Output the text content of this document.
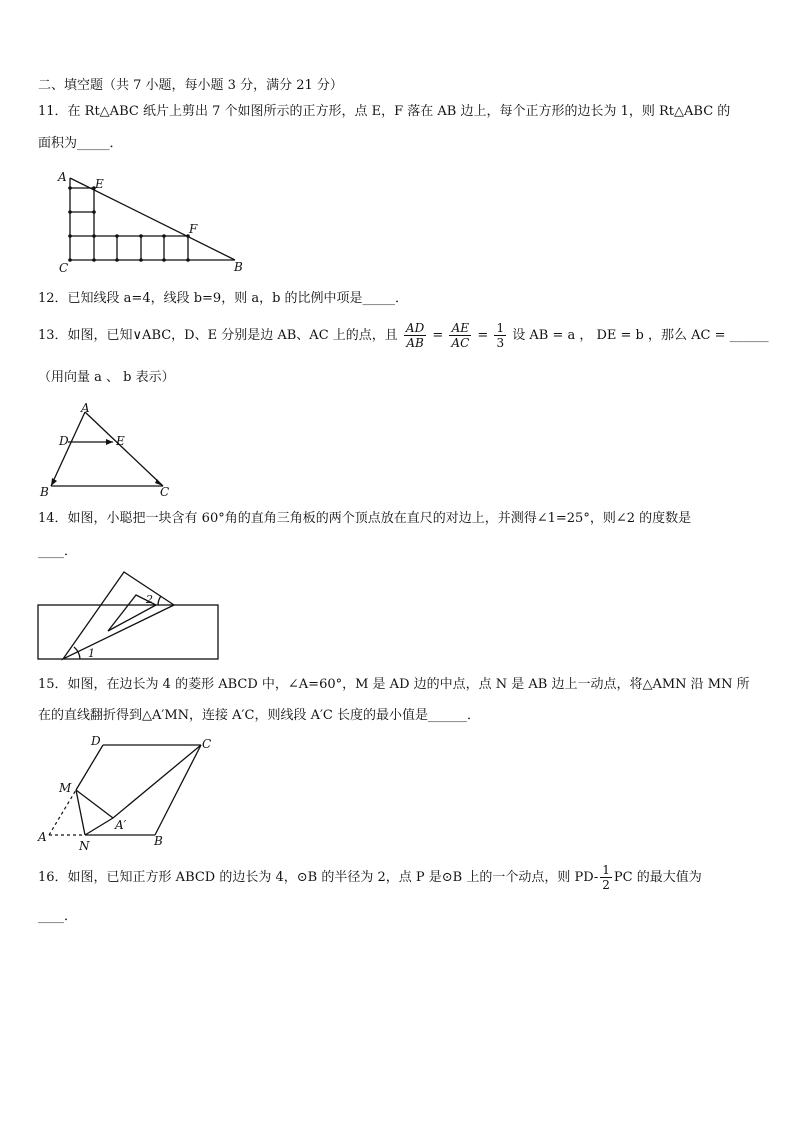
二、填空题（共 7 小题，每小题 3 分，满分 21 分）
11．在 Rt△ABC 纸片上剪出 7 个如图所示的正方形，点 E，F 落在 AB 边上，每个正方形的边长为 1，则 Rt△ABC 的
面积为_____．
A E
F
C	B
12．已知线段 a=4，线段 b=9，则 a，b 的比例中项是_____．
13．如图，已知∨ABC，D、E 分别是边 AB、AC 上的点，且 $\frac{AD}{AB} = \frac{AE}{AC} = \frac{1}{3}$ 设 AB = a ， DE = b ，那么 AC = ______
（用向量 a 、 b 表示）
A
D	E
B	C
14．如图，小聪把一块含有 60°角的直角三角板的两个顶点放在直尺的对边上，并测得∠1=25°，则∠2 的度数是
____．
1
2
15．如图，在边长为 4 的菱形 ABCD 中，∠A=60°，M 是 AD 边的中点，点 N 是 AB 边上一动点，将△AMN 沿 MN 所
在的直线翻折得到△A′MN，连接 A′C，则线段 A′C 长度的最小值是______．
D	C
M
A′
A
N	B
16．如图，已知正方形 ABCD 的边长为 4，⊙B 的半径为 2，点 P 是⊙B 上的一个动点，则 $PD- \frac{1}{2}$ PC 的最大值为
____．
